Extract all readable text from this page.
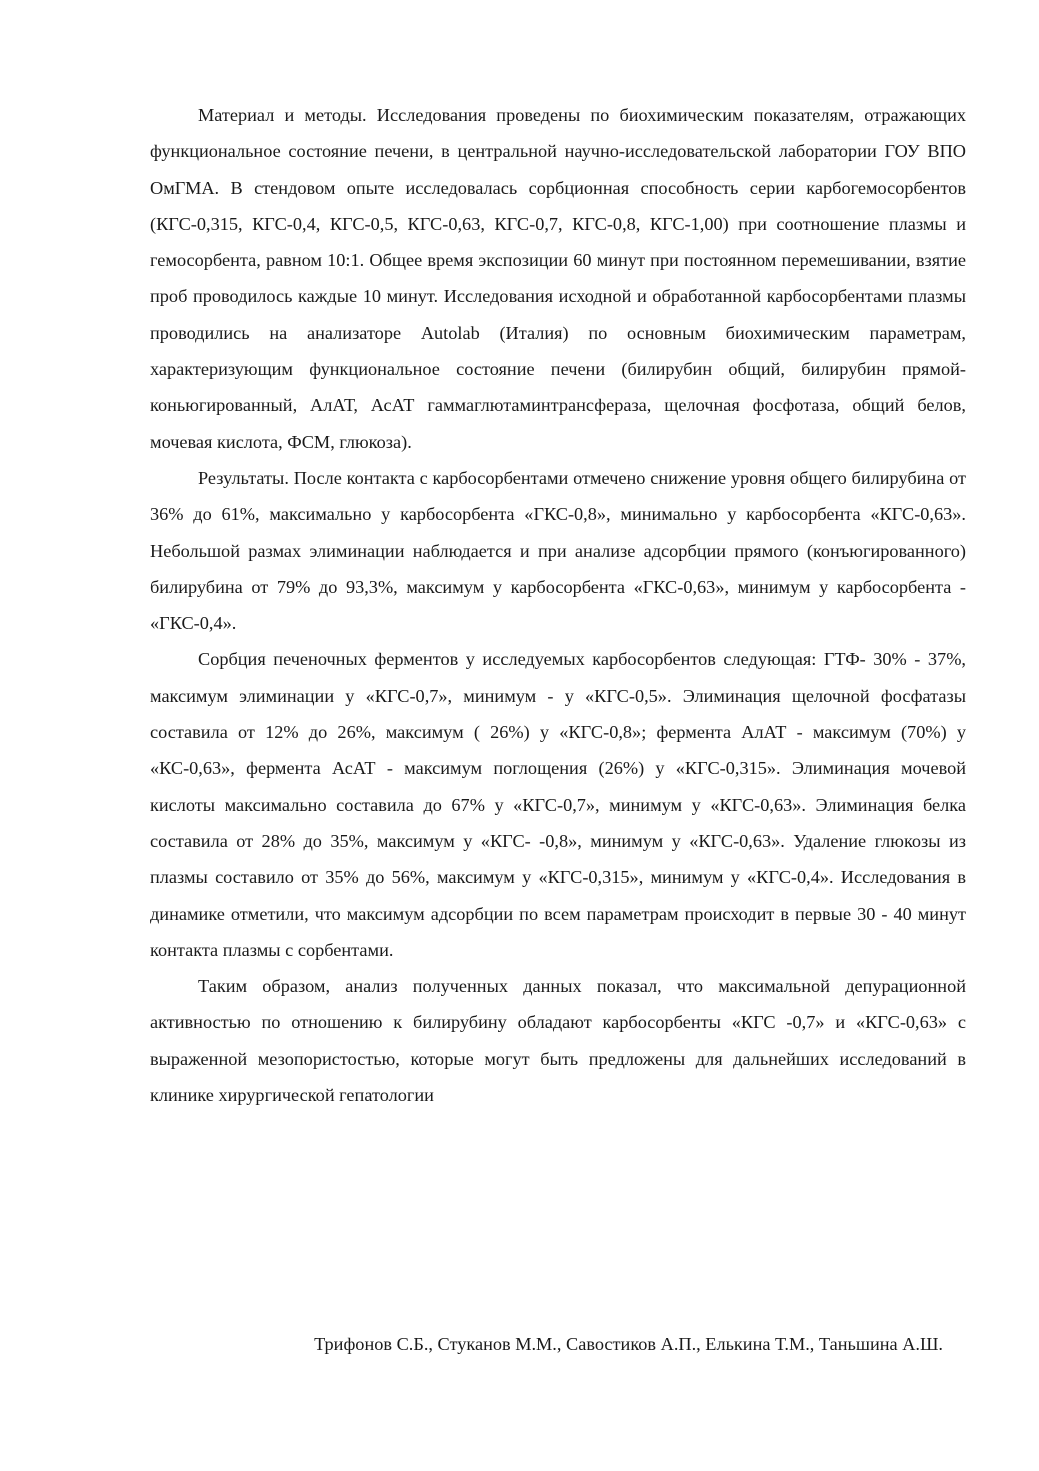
Материал и методы. Исследования проведены по биохимическим показателям, отражающих функциональное состояние печени, в центральной научно-исследовательской лаборатории ГОУ ВПО ОмГМА. В стендовом опыте исследовалась сорбционная способность серии карбогемосорбентов (КГС-0,315, КГС-0,4, КГС-0,5, КГС-0,63, КГС-0,7, КГС-0,8, КГС-1,00) при соотношение плазмы и гемосорбента, равном 10:1. Общее время экспозиции 60 минут при постоянном перемешивании, взятие проб проводилось каждые 10 минут. Исследования исходной и обработанной карбосорбентами плазмы проводились на анализаторе Autolab (Италия) по основным биохимическим параметрам, характеризующим функциональное состояние печени (билирубин общий, билирубин прямой-коньюгированный, АлАТ, АсАТ гаммаглютаминтрансфераза, щелочная фосфотаза, общий белов, мочевая кислота, ФСМ, глюкоза).

Результаты. После контакта с карбосорбентами отмечено снижение уровня общего билирубина от 36% до 61%, максимально у карбосорбента «ГКС-0,8», минимально у карбосорбента «КГС-0,63». Небольшой размах элиминации наблюдается и при анализе адсорбции прямого (конъюгированного) билирубина от 79% до 93,3%, максимум у карбосорбента «ГКС-0,63», минимум у карбосорбента - «ГКС-0,4».

Сорбция печеночных ферментов у исследуемых карбосорбентов следующая: ГТФ- 30% - 37%, максимум элиминации у «КГС-0,7», минимум - у «КГС-0,5». Элиминация щелочной фосфатазы составила от 12% до 26%, максимум ( 26%) у «КГС-0,8»; фермента АлАТ - максимум (70%) у «КС-0,63», фермента АсАТ - максимум поглощения (26%) у «КГС-0,315». Элиминация мочевой кислоты максимально составила до 67% у «КГС-0,7», минимум у «КГС-0,63». Элиминация белка составила от 28% до 35%, максимум у «КГС- -0,8», минимум у «КГС-0,63». Удаление глюкозы из плазмы составило от 35% до 56%, максимум у «КГС-0,315», минимум у «КГС-0,4». Исследования в динамике отметили, что максимум адсорбции по всем параметрам происходит в первые 30 - 40 минут контакта плазмы с сорбентами.

Таким образом, анализ полученных данных показал, что максимальной депурационной активностью по отношению к билирубину обладают карбосорбенты «КГС -0,7» и «КГС-0,63» с выраженной мезопористостью, которые могут быть предложены для дальнейших исследований в клинике хирургической гепатологии

Трифонов С.Б., Стуканов М.М., Савостиков А.П., Елькина Т.М., Таньшина А.Ш.
